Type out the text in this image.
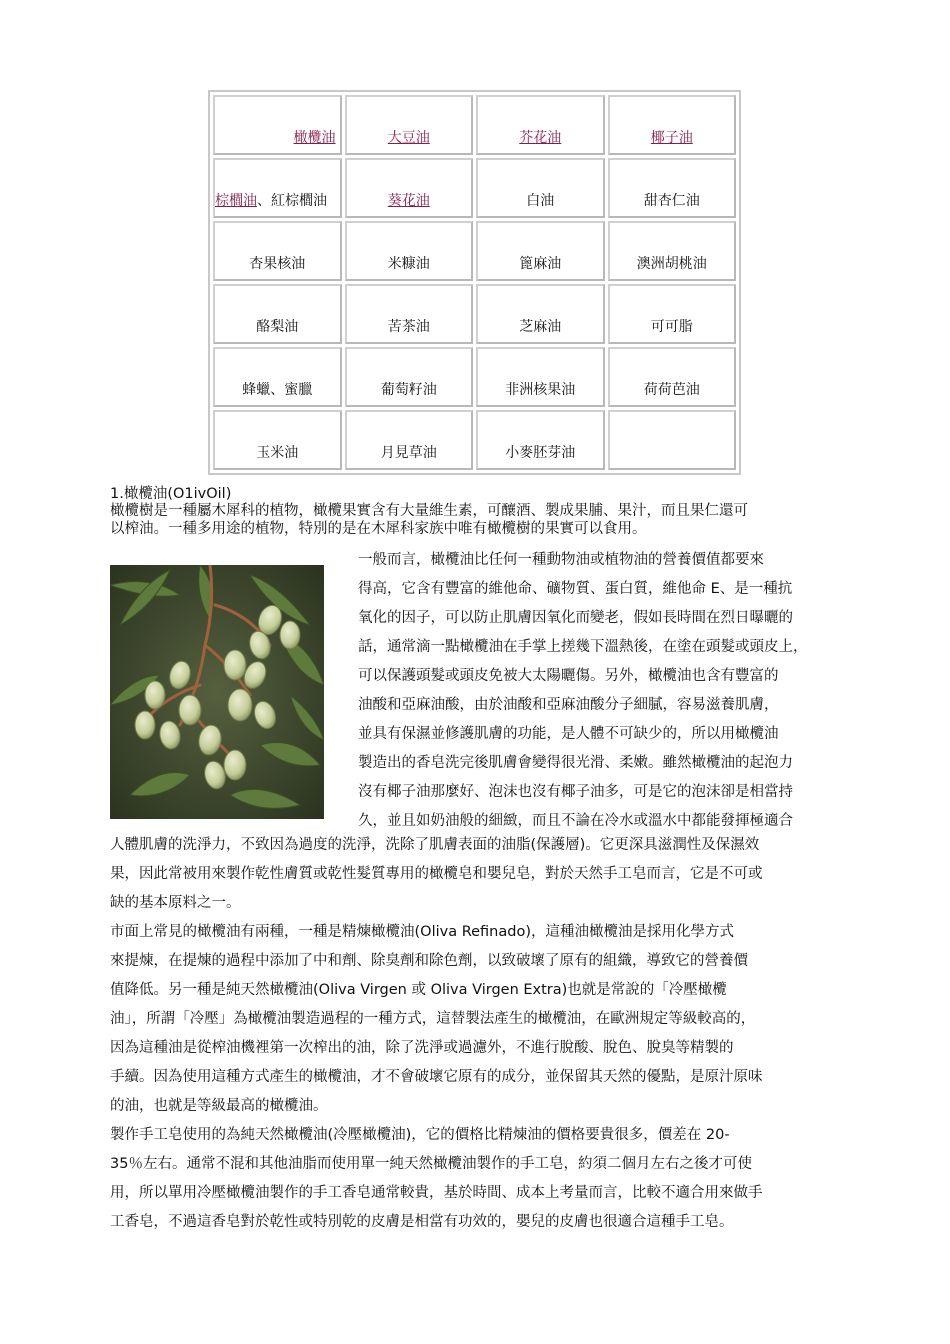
橄欖油	大豆油	芥花油	椰子油
棕櫚油、紅棕櫚油	葵花油	白油	甜杏仁油
杏果核油	米糠油	篦麻油	澳洲胡桃油
酪梨油	苦茶油	芝麻油	可可脂
蜂蠟、蜜臘	葡萄籽油	非洲核果油	荷荷芭油
玉米油	月見草油	小麥胚芽油	
1.橄欖油(O1ivOil)
橄欖樹是一種屬木犀科的植物，橄欖果實含有大量維生素，可釀酒、製成果脯、果汁，而且果仁還可
以榨油。一種多用途的植物，特別的是在木犀科家族中唯有橄欖樹的果實可以食用。
一般而言，橄欖油比任何一種動物油或植物油的營養價值都要來
得高，它含有豐富的維他命、礦物質、蛋白質，維他命 E、是一種抗
氧化的因子，可以防止肌膚因氧化而變老，假如長時間在烈日曝曬的
話，通常滴一點橄欖油在手掌上搓幾下溫熱後，在塗在頭髮或頭皮上，
可以保護頭髮或頭皮免被大太陽曬傷。另外，橄欖油也含有豐富的
油酸和亞麻油酸，由於油酸和亞麻油酸分子細膩，容易滋養肌膚，
並具有保濕並修護肌膚的功能，是人體不可缺少的，所以用橄欖油
製造出的香皂洗完後肌膚會變得很光滑、柔嫩。雖然橄欖油的起泡力
沒有椰子油那麼好、泡沫也沒有椰子油多，可是它的泡沫卻是相當持
久，並且如奶油般的細緻，而且不論在冷水或溫水中都能發揮極適合
人體肌膚的洗淨力，不致因為過度的洗淨，洗除了肌膚表面的油脂(保護層)。它更深具滋潤性及保濕效
果，因此常被用來製作乾性膚質或乾性髮質專用的橄欖皂和嬰兒皂，對於天然手工皂而言，它是不可或
缺的基本原料之一。
市面上常見的橄欖油有兩種，一種是精煉橄欖油(Oliva Refinado)，這種油橄欖油是採用化學方式
來提煉，在提煉的過程中添加了中和劑、除臭劑和除色劑，以致破壞了原有的組織，導致它的營養價
值降低。另一種是純天然橄欖油(Oliva Virgen 或 Oliva Virgen Extra)也就是常說的「冷壓橄欖
油」，所謂「冷壓」為橄欖油製造過程的一種方式，這替製法產生的橄欖油，在歐洲規定等級較高的，
因為這種油是從榨油機裡第一次榨出的油，除了洗淨或過濾外，不進行脫酸、脫色、脫臭等精製的
手續。因為使用這種方式產生的橄欖油，才不會破壞它原有的成分，並保留其天然的優點，是原汁原味
的油，也就是等級最高的橄欖油。
製作手工皂使用的為純天然橄欖油(冷壓橄欖油)，它的價格比精煉油的價格要貴很多，價差在 20-
35％左右。通常不混和其他油脂而使用單一純天然橄欖油製作的手工皂，約須二個月左右之後才可使
用，所以單用冷壓橄欖油製作的手工香皂通常較貴，基於時間、成本上考量而言，比較不適合用來做手
工香皂，不過這香皂對於乾性或特別乾的皮膚是相當有功效的，嬰兒的皮膚也很適合這種手工皂。
